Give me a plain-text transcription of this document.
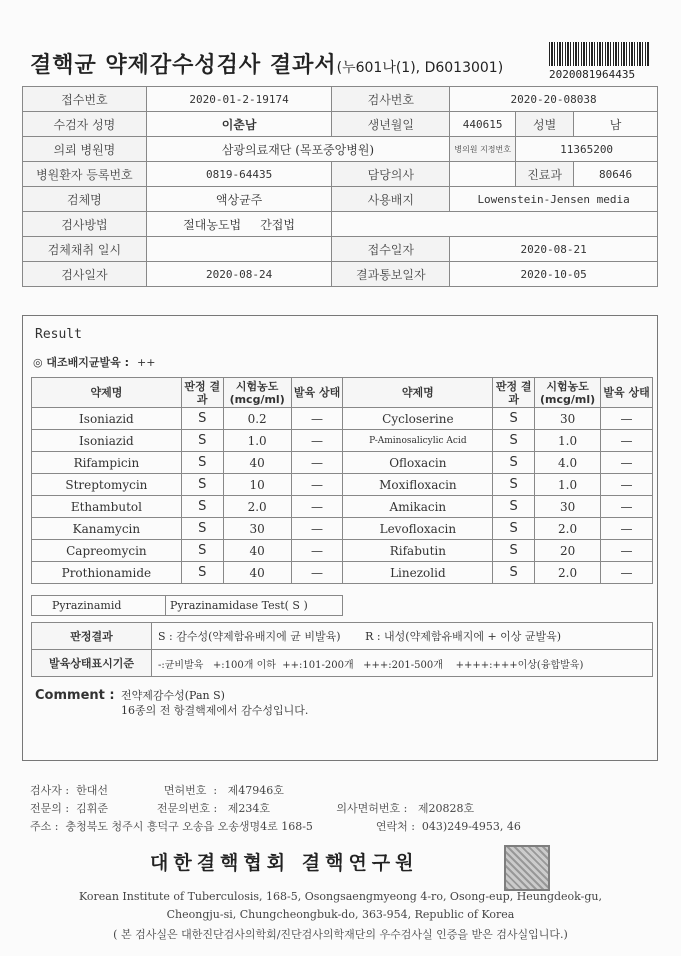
결핵균 약제감수성검사 결과서(누601나(1), D6013001)	2020081964435
접수번호	2020-01-2-19174	검사번호	2020-20-08038		
수검자 성명	이춘남	생년월일	440615	성별	남
의뢰 병원명	삼광의료재단 (목포중앙병원)		병의원 지정번호	11365200	
병원환자 등록번호	0819-64435	담당의사		진료과	80646
검체명	액상균주	사용배지	Lowenstein-Jensen media		
검사방법	절대농도법 간접법				
검체채취 일시		접수일자	2020-08-21		
검사일자	2020-08-24	결과통보일자	2020-10-05		
Result
◎ 대조배지균발육 : ++
약제명	판정 결과	시험농도 (mcg/ml)	발육 상태	약제명	판정 결과	시험농도 (mcg/ml)	발육 상태
Isoniazid	S	0.2	—	Cycloserine	S	30	—
Isoniazid	S	1.0	—	P-Aminosalicylic Acid	S	1.0	—
Rifampicin	S	40	—	Ofloxacin	S	4.0	—
Streptomycin	S	10	—	Moxifloxacin	S	1.0	—
Ethambutol	S	2.0	—	Amikacin	S	30	—
Kanamycin	S	30	—	Levofloxacin	S	2.0	—
Capreomycin	S	40	—	Rifabutin	S	20	—
Prothionamide	S	40	—	Linezolid	S	2.0	—
Pyrazinamid	Pyrazinamidase Test( S )
판정결과	S : 감수성(약제함유배지에 균 비발육) R : 내성(약제함유배지에 + 이상 균발육)
발육상태표시기준	-:균비발육   +:100개 이하  ++:101-200개   +++:201-500개    ++++:+++이상(융합발육)
Comment : 전약제감수성(Pan S)
16종의 전 항결핵제에서 감수성입니다.
검사자 :  한대선                면허번호  :   제47946호
전문의 :  김휘준              전문의번호 :   제234호                   의사면허번호 :   제20828호
주소 :  충청북도 청주시 흥덕구 오송읍 오송생명4로 168-5                  연락처 :  043)249-4953, 46
대한결핵협회 결핵연구원
Korean Institute of Tuberculosis, 168-5, Osongsaengmyeong 4-ro, Osong-eup, Heungdeok-gu,
Cheongju-si, Chungcheongbuk-do, 363-954, Republic of Korea
( 본 검사실은 대한진단검사의학회/진단검사의학재단의 우수검사실 인증을 받은 검사실입니다.)
